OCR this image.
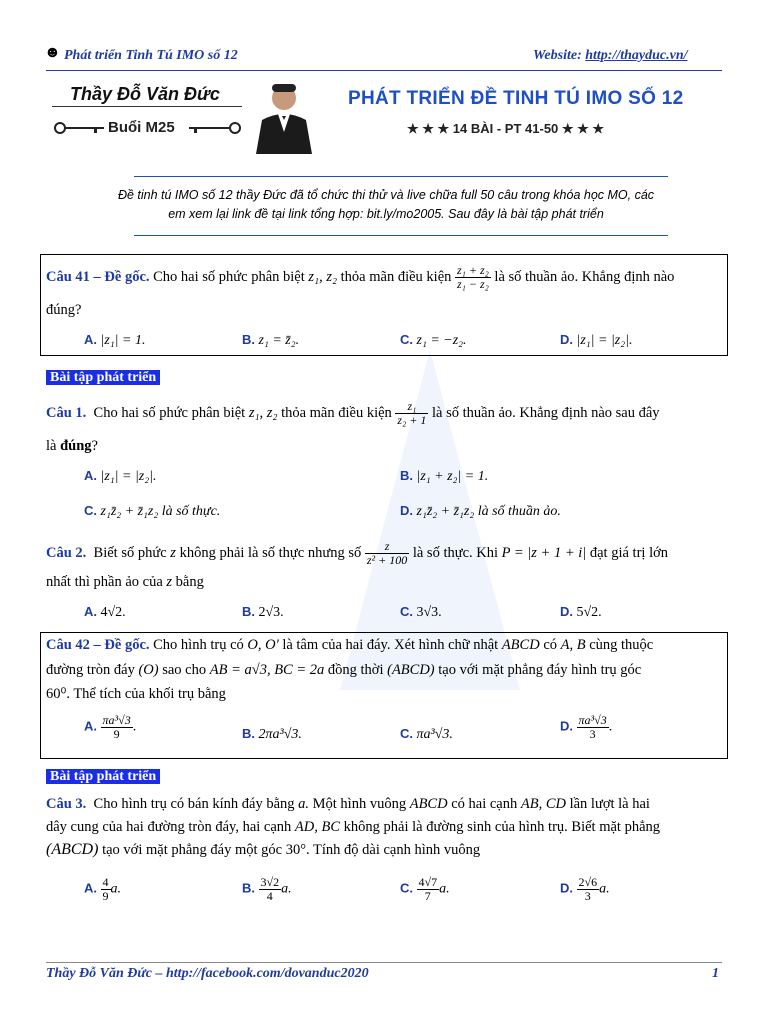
☻ Phát triển Tinh Tú IMO số 12	Website: http://thayduc.vn/
Thầy Đỗ Văn Đức
Buổi M25
PHÁT TRIỂN ĐỀ TINH TÚ IMO SỐ 12
★ ★ ★ 14 BÀI - PT 41-50 ★ ★ ★
Đề tinh tú IMO số 12 thầy Đức đã tổ chức thi thử và live chữa full 50 câu trong khóa học MO, các
em xem lại link đề tại link tổng hợp: bit.ly/mo2005. Sau đây là bài tập phát triển
Câu 41 – Đề gốc. Cho hai số phức phân biệt z₁, z₂ thỏa mãn điều kiện $\frac{\text{z₁ + z₂}}{\text{z₁ − z₂}}$ là số thuần ảo. Khẳng định nào
đúng?
A. |z₁| = 1.	B. z₁ = z̄₂.	C. z₁ = −z₂.	D. |z₁| = |z₂|.
Bài tập phát triển
Câu 1. Cho hai số phức phân biệt z₁, z₂ thỏa mãn điều kiện $\frac{\text{z₁}}{\text{z₂ + 1}}$ là số thuần ảo. Khẳng định nào sau đây
là đúng?
A. |z₁| = |z₂|.	B. |z₁ + z₂| = 1.
C. z₁z̄₂ + z̄₁z₂ là số thực.	D. z₁z̄₂ + z̄₁z₂ là số thuần ảo.
Câu 2. Biết số phức z không phải là số thực nhưng số $\frac{z}{\text{z² + 100}}$ là số thực. Khi P = |z + 1 + i| đạt giá trị lớn
nhất thì phần ảo của z bằng
A. 4√2.	B. 2√3.	C. 3√3.	D. 5√2.
Câu 42 – Đề gốc. Cho hình trụ có O, O' là tâm của hai đáy. Xét hình chữ nhật ABCD có A, B cùng thuộc
đường tròn đáy (O) sao cho AB = a√3, BC = 2a đồng thời (ABCD) tạo với mặt phẳng đáy hình trụ góc
60⁰. Thể tích của khối trụ bằng
A. $\frac{\text{πa³√3}}{9}$ .	B. 2πa³√3.	C. πa³√3.
D. $\frac{\text{πa³√3}}{3}$ .
Bài tập phát triển
Câu 3. Cho hình trụ có bán kính đáy bằng a. Một hình vuông ABCD có hai cạnh AB, CD lần lượt là hai
dây cung của hai đường tròn đáy, hai cạnh AD, BC không phải là đường sinh của hình trụ. Biết mặt phẳng
(ABCD) tạo với mặt phẳng đáy một góc 30°. Tính độ dài cạnh hình vuông
A. $\frac{4}{9} a$.	B. $\frac{3√2}{4} a$.	C. $\frac{4√7}{7} a$.	D. $\frac{2√6}{3} a$.
Thầy Đỗ Văn Đức – http://facebook.com/dovanduc2020	1
